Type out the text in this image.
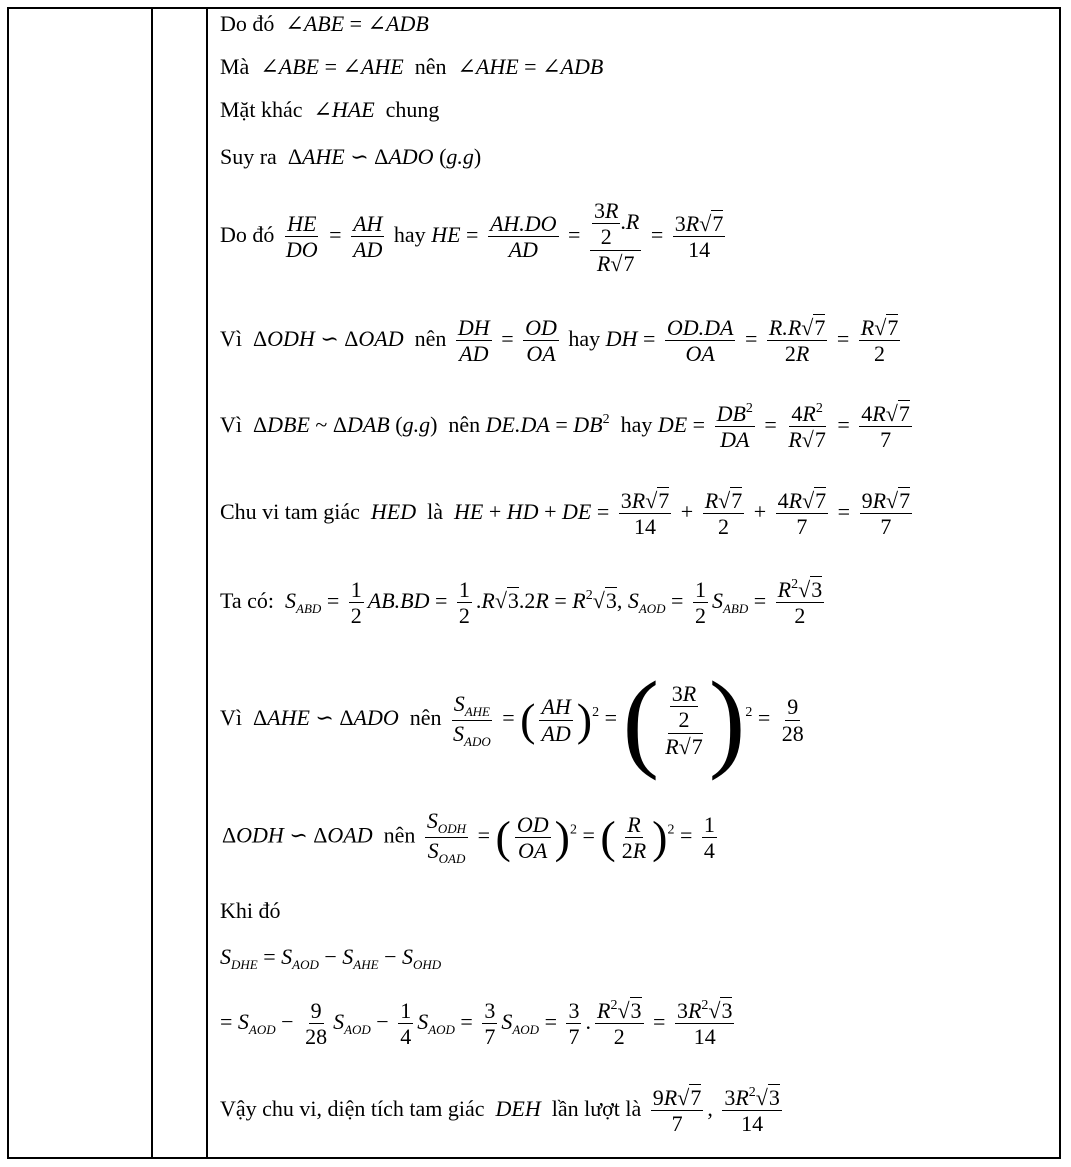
Do đó  ∠ABE = ∠ADB
Mà  ∠ABE = ∠AHE nên  ∠AHE = ∠ADB
Mặt khác  ∠HAE chung
Suy ra  ΔAHE ∽ ΔADO (g.g)
Do đó $\frac{HE}{DO} = \frac{AH}{AD}$ hay HE = $\frac{AH.DO}{AD} = \frac{\frac{3R}{2} .R}{R√7} = \frac{3R√7}{14}$
Vì  ΔODH ∽ ΔOAD nên $\frac{DH}{AD} = \frac{OD}{OA}$ hay DH = $\frac{OD.DA}{OA} = \frac{R.R√7}{2R} = \frac{R√7}{2}$
Vì  ΔDBE ~ ΔDAB (g.g)  nên $DE.DA = DB^2$ hay DE = $\frac{DB^2}{DA} = \frac{4R^2}{R√7} = \frac{4R√7}{7}$
Chu vi tam giác HED là HE + HD + DE = $\frac{3R√7}{14} + \frac{R√7}{2} + \frac{4R√7}{7} = \frac{9R√7}{7}$
Ta có: $S_{ABD} = \frac{1}{2} AB.BD = \frac{1}{2} .R√3.2R = R^2√3$, $S_{AOD} = \frac{1}{2} S_{ABD} = \frac{R^2√3}{2}$
Vì  ΔAHE ∽ ΔADO nên $\frac{S_{AHE}}{S_{ADO}}$ = ( $\frac{AH}{AD} )^2$ = ( $\frac{\frac{3R}{2}}{R√7} )^2 = \frac{9}{28}$
ΔODH ∽ ΔOAD nên $\frac{S_{ODH}}{S_{OAD}}$ = ( $\frac{OD}{OA} )^2$ = ( $\frac{R}{2R} )^2 = \frac{1}{4}$
Khi đó
$S_{DHE} = S_{AOD} - S_{AHE} - S_{OHD}$
= $S_{AOD} - \frac{9}{28} S_{AOD} - \frac{1}{4} S_{AOD} = \frac{3}{7} S_{AOD} = \frac{3}{7}$ . $\frac{R^2√3}{2} = \frac{3R^2√3}{14}$
Vậy chu vi, diện tích tam giác DEH lần lượt là $\frac{9R√7}{7}$ , $\frac{3R^2√3}{14}$
